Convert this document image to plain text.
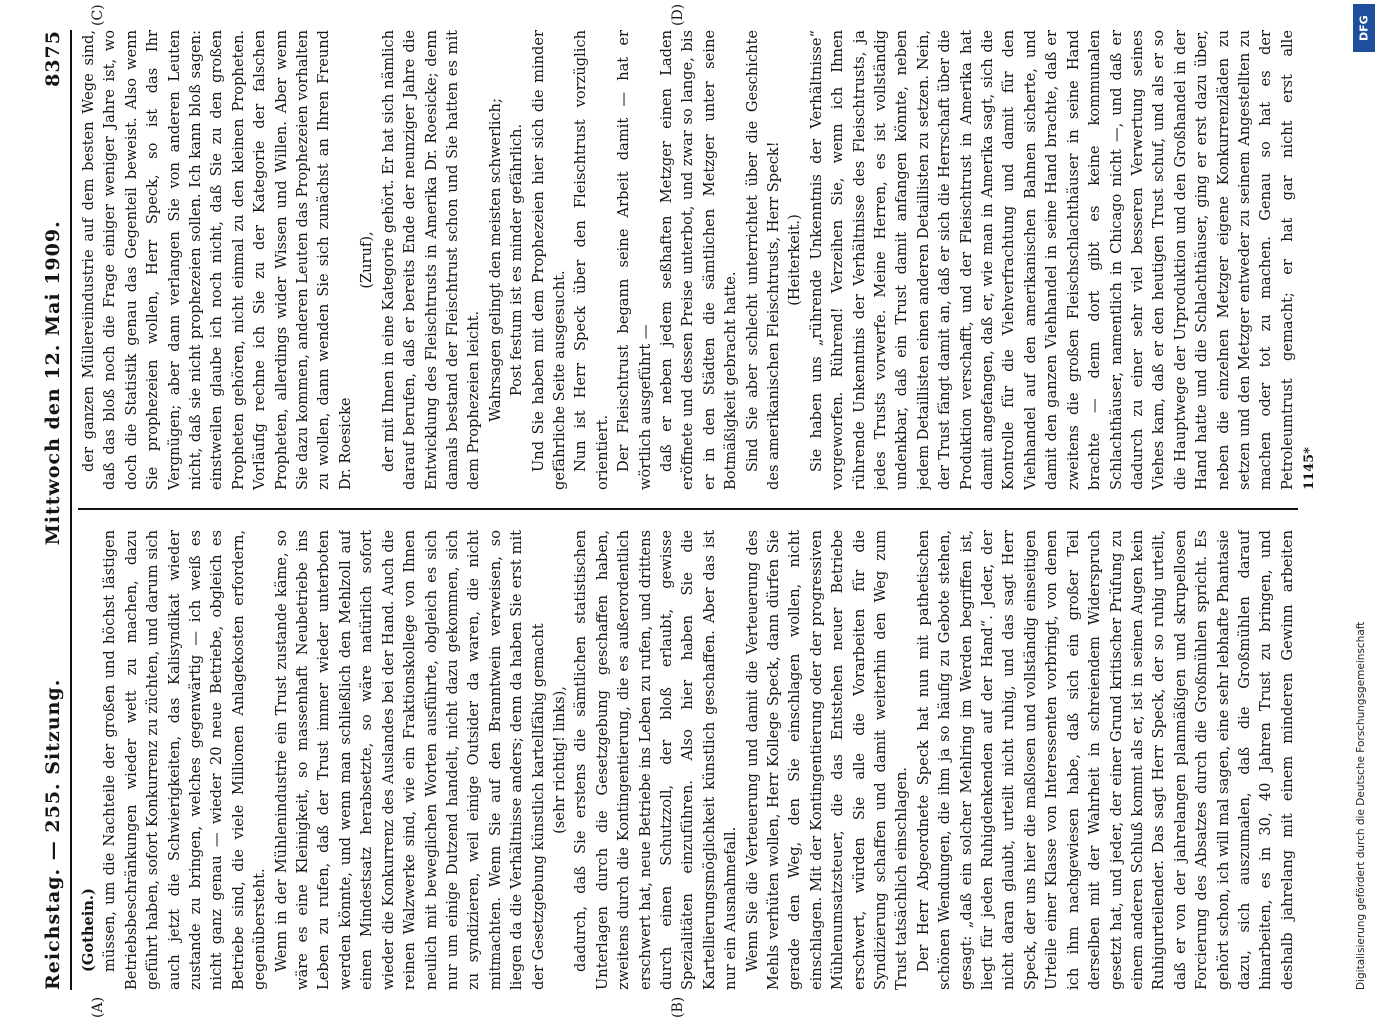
Reichstag. — 255. Sitzung.
Mittwoch den 12. Mai 1909.
8375

(Gothein.) müssen, um die Nachteile der großen und höchst lästigen Betriebsbeschränkungen wieder wett zu machen, dazu geführt haben, sofort Konkurrenz zu züchten, und darum sich auch jetzt die Schwierigkeiten, das Kalisyndikat wieder zustande zu bringen, welches gegenwärtig — ich weiß es nicht ganz genau — wieder 20 neue Betriebe, obgleich es Betriebe sind, die viele Millionen Anlagekosten erfordern, gegenübersteht. Wenn in der Mühlenindustrie ein Trust zustande käme, so wäre es eine Kleinigkeit, so massenhaft Neubetriebe ins Leben zu rufen, daß der Trust immer wieder unterboten werden könnte, und wenn man schließlich den Mehlzoll auf einen Mindestsatz herabsetzte, so wäre natürlich sofort wieder die Konkurrenz des Auslandes bei der Hand. Auch die reinen Walzwerke sind, wie ein Fraktionskollege von Ihnen neulich mit beweglichen Worten ausführte, obgleich es sich nur um einige Dutzend handelt, nicht dazu gekommen, sich zu syndizieren, weil einige Outsider da waren, die nicht mitmachten. Wenn Sie auf den Branntwein verweisen, so liegen da die Verhältnisse anders; denn da haben Sie erst mit der Gesetzgebung künstlich kartellfähig gemacht (sehr richtig! links), dadurch, daß Sie erstens die sämtlichen statistischen Unterlagen durch die Gesetzgebung geschaffen haben, zweitens durch die Kontingentierung, die es außerordentlich erschwert hat, neue Betriebe ins Leben zu rufen, und drittens durch einen Schutzzoll, der bloß erlaubt, gewisse Spezialitäten einzuführen. Also hier haben Sie die Kartellierungsmöglichkeit künstlich geschaffen. Aber das ist nur ein Ausnahmefall. Wenn Sie die Verteuerung und damit die Verteuerung des Mehls verhüten wollen, Herr Kollege Speck, dann dürfen Sie gerade den Weg, den Sie einschlagen wollen, nicht einschlagen. Mit der Kontingentierung oder der progressiven Mühlenumsatzsteuer, die das Entstehen neuer Betriebe erschwert, würden Sie alle die Vorarbeiten für die Syndizierung schaffen und damit weiterhin den Weg zum Trust tatsächlich einschlagen. Der Herr Abgeordnete Speck hat nun mit pathetischen schönen Wendungen, die ihm ja so häufig zu Gebote stehen, gesagt: „daß ein solcher Mehlring im Werden begriffen ist, liegt für jeden Ruhigdenkenden auf der Hand“. Jeder, der nicht daran glaubt, urteilt nicht ruhig, und das sagt Herr Speck, der uns hier die maßlosen und vollständig einseitigen Urteile einer Klasse von Interessenten vorbringt, von denen ich ihm nachgewiesen habe, daß sich ein großer Teil derselben mit der Wahrheit in schreiendem Widerspruch gesetzt hat, und jeder, der einer Grund kritischer Prüfung zu einem anderen Schluß kommt als er, ist in seinen Augen kein Ruhigurteilender. Das sagt Herr Speck, der so ruhig urteilt, daß er von der jahrelangen planmäßigen und skrupellosen Forcierung des Absatzes durch die Großmühlen spricht. Es gehört schon, ich will mal sagen, eine sehr lebhafte Phantasie dazu, sich auszumalen, daß die Großmühlen darauf hinarbeiten, es in 30, 40 Jahren Trust zu bringen, und deshalb jahrelang mit einem minderen Gewinn arbeiten

der ganzen Müllereiindustrie auf dem besten Wege sind, daß das bloß noch die Frage einiger weniger Jahre ist, wo doch die Statistik genau das Gegenteil beweist. Also wenn Sie prophezeien wollen, Herr Speck, so ist das Ihr Vergnügen; aber dann verlangen Sie von anderen Leuten nicht, daß sie nicht prophezeien sollen. Ich kann bloß sagen: einstweilen glaube ich noch nicht, daß Sie zu den großen Propheten gehören, nicht einmal zu den kleinen Propheten. Vorläufig rechne ich Sie zu der Kategorie der falschen Propheten, allerdings wider Wissen und Willen. Aber wenn Sie dazu kommen, anderen Leuten das Prophezeien vorhalten zu wollen, dann wenden Sie sich zunächst an Ihren Freund Dr. Roesicke

(Zuruf), der mit Ihnen in eine Kategorie gehört. Er hat sich nämlich darauf berufen, daß er bereits Ende der neunziger Jahre die Entwicklung des Fleischtrusts in Amerika Dr. Roesicke; denn damals bestand der Fleischtrust schon und Sie hatten es mit dem Prophezeien leicht. Wahrsagen gelingt den meisten schwerlich; Post festum ist es minder gefährlich. Und Sie haben mit dem Prophezeien hier sich die minder gefährliche Seite ausgesucht. Nun ist Herr Speck über den Fleischtrust vorzüglich orientiert. Der Fleischtrust begann seine Arbeit damit — hat er wörtlich ausgeführt — daß er neben jedem seßhaften Metzger einen Laden eröffnete und dessen Preise unterbot, und zwar so lange, bis er in den Städten die sämtlichen Metzger unter seine Botmäßigkeit gebracht hatte. Sind Sie aber schlecht unterrichtet über die Geschichte des amerikanischen Fleischtrusts, Herr Speck! (Heiterkeit.)

Sie haben uns „rührende Unkenntnis der Verhältnisse“ vorgeworfen. Rührend! Verzeihen Sie, wenn ich Ihnen rührende Unkenntnis der Verhältnisse des Fleischtrusts, ja jedes Trusts vorwerfe. Meine Herren, es ist vollständig undenkbar, daß ein Trust damit anfangen könnte, neben jedem Detaillisten einen anderen Detaillisten zu setzen. Nein, der Trust fängt damit an, daß er sich die Herrschaft über die Produktion verschafft, und der Fleischtrust in Amerika hat damit angefangen, daß er, wie man in Amerika sagt, sich die Kontrolle für die Viehverfrachtung und damit für den Viehhandel auf den amerikanischen Bahnen sicherte, und damit den ganzen Viehhandel in seine Hand brachte, daß er zweitens die großen Fleischschlachthäuser in seine Hand brachte — denn dort gibt es keine kommunalen Schlachthäuser, namentlich in Chicago nicht —, und daß er dadurch zu einer sehr viel besseren Verwertung seines Viehes kam, daß er den heutigen Trust schuf, und als er so die Hauptwege der Urproduktion und den Großhandel in der Hand hatte und die Schlachthäuser, ging er erst dazu über, neben die einzelnen Metzger eigene Konkurrenzläden zu setzen und den Metzger entweder zu seinem Angestellten zu machen oder tot zu machen. Genau so hat es der Petroleumtrust gemacht; er hat gar nicht erst alle

(A)	(B)
(C)	(D)
1145*
DFG
Digitalisierung gefördert durch die Deutsche Forschungsgemeinschaft
